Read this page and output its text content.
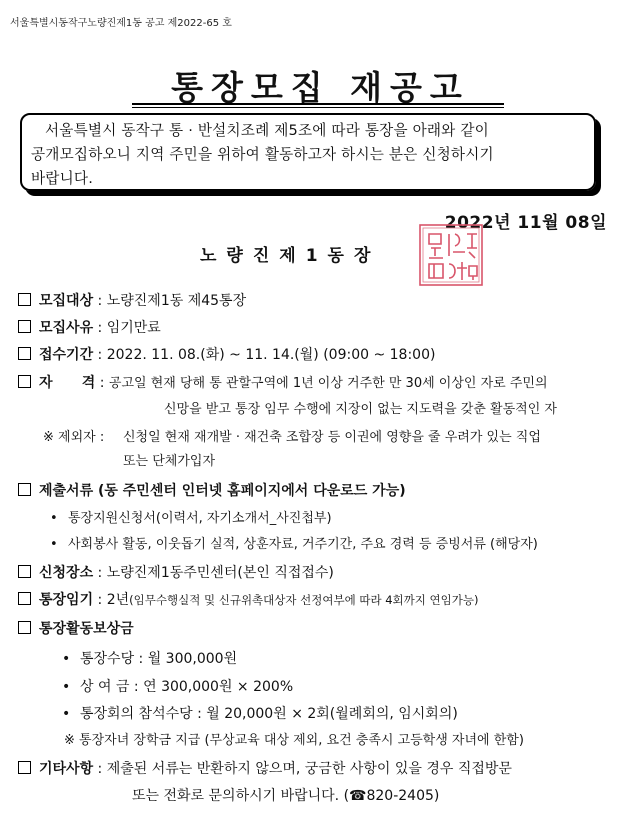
서울특별시동작구노량진제1동 공고 제2022-65 호
통장모집 재공고

서울특별시 동작구 통 · 반설치조례 제5조에 따라 통장을 아래와 같이

공개모집하오니 지역 주민을 위하여 활동하고자 하시는 분은 신청하시기

바랍니다.

2022년 11월 08일
노량진제1동장
모집대상 : 노량진제1동 제45통장
모집사유 : 임기만료
접수기간 : 2022. 11. 08.(화) ~ 11. 14.(월) (09:00 ~ 18:00)
자      격 : 공고일 현재 당해 통 관할구역에 1년 이상 거주한 만 30세 이상인 자로 주민의
신망을 받고 통장 임무 수행에 지장이 없는 지도력을 갖춘 활동적인 자
※ 제외자 : 신청일 현재 재개발 · 재건축 조합장 등 이권에 영향을 줄 우려가 있는 직업
또는 단체가입자
제출서류 (동 주민센터 인터넷 홈페이지에서 다운로드 가능)
• 통장지원신청서(이력서, 자기소개서_사진첩부)
• 사회봉사 활동, 이웃돕기 실적, 상훈자료, 거주기간, 주요 경력 등 증빙서류 (해당자)
신청장소 : 노량진제1동주민센터(본인 직접접수)
통장임기 : 2년(임무수행실적 및 신규위촉대상자 선정여부에 따라 4회까지 연임가능)
통장활동보상금
• 통장수당 : 월 300,000원
• 상 여 금 : 연 300,000원 × 200%
• 통장회의 참석수당 : 월 20,000원 × 2회(월례회의, 임시회의)
※ 통장자녀 장학금 지급 (무상교육 대상 제외, 요건 충족시 고등학생 자녀에 한함)
기타사항 : 제출된 서류는 반환하지 않으며, 궁금한 사항이 있을 경우 직접방문
또는 전화로 문의하시기 바랍니다. (☎820-2405)
